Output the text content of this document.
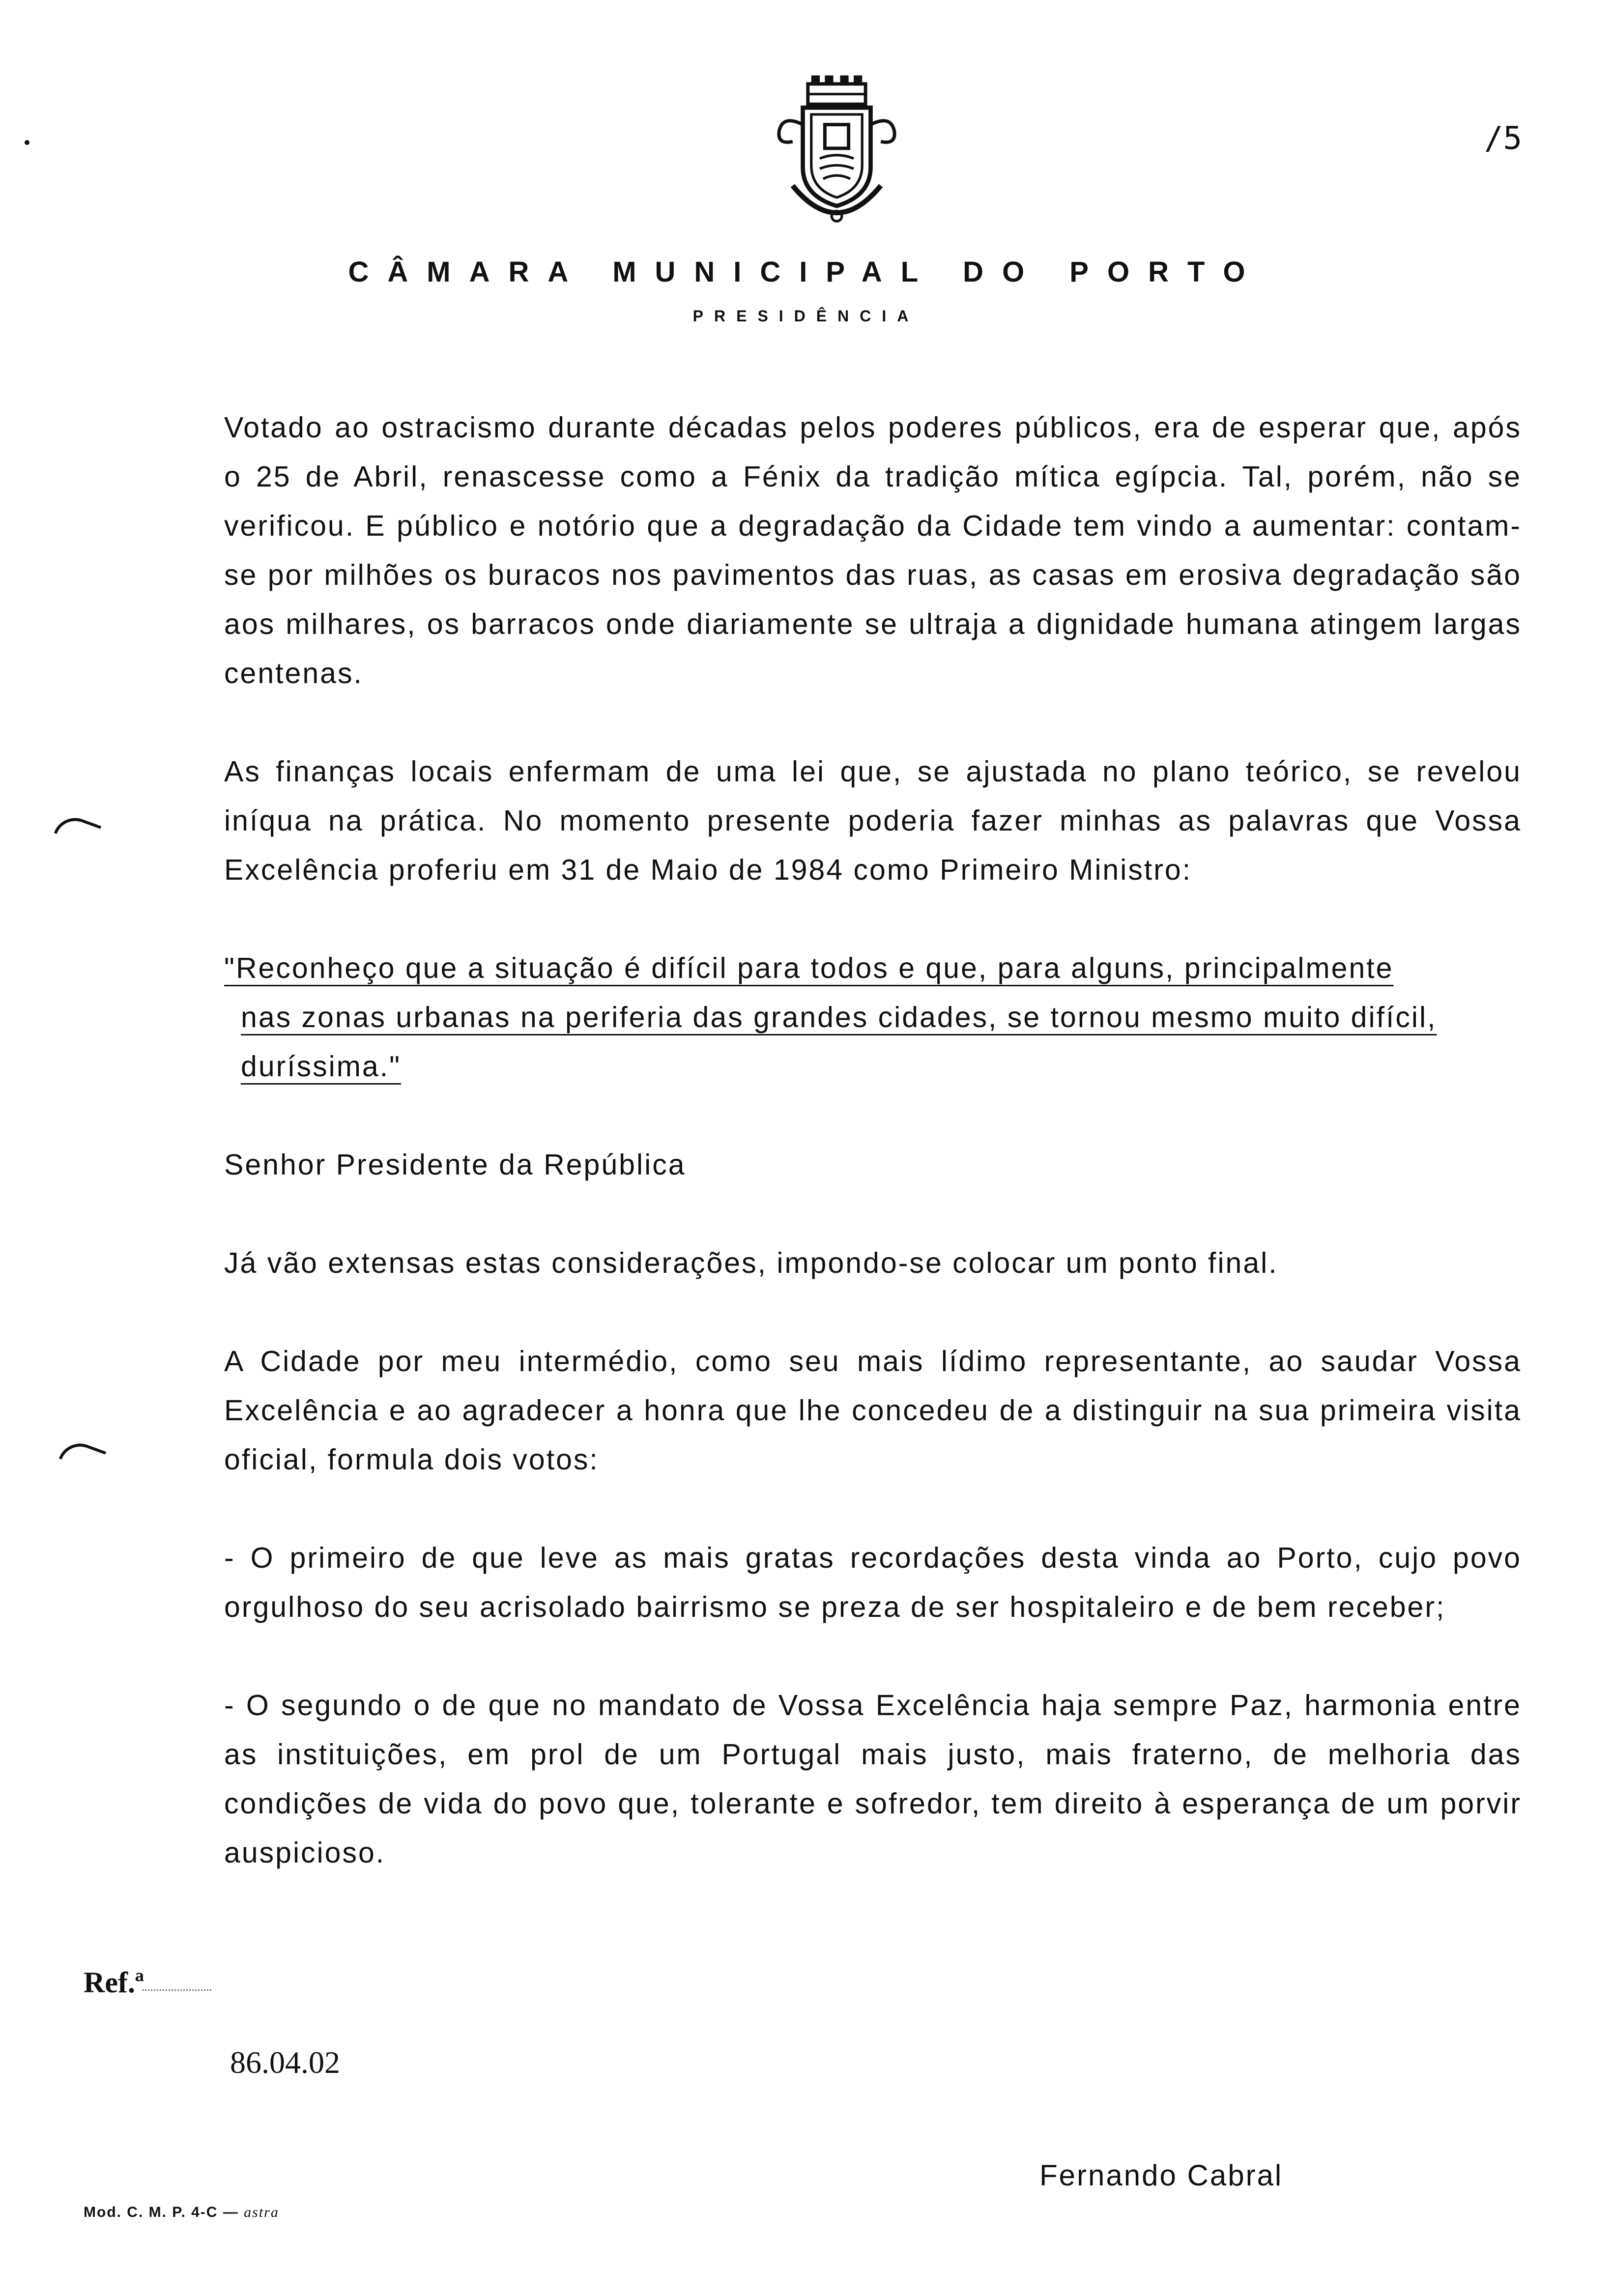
/5
CÂMARA MUNICIPAL DO PORTO
PRESIDÊNCIA

Votado ao ostracismo durante décadas pelos poderes públicos, era de esperar que, após o 25 de Abril, renascesse como a Fénix da tradição mítica egípcia. Tal, porém, não se verificou. E público e notório que a degradação da Cidade tem vindo a aumentar: contam-se por milhões os buracos nos pavimentos das ruas, as casas em erosiva degradação são aos milhares, os barracos onde diariamente se ultraja a dignidade humana atingem largas centenas.

As finanças locais enfermam de uma lei que, se ajustada no plano teórico, se revelou iníqua na prática. No momento presente poderia fazer minhas as palavras que Vossa Excelência proferiu em 31 de Maio de 1984 como Primeiro Ministro:

"Reconheço que a situação é difícil para todos e que, para alguns, principalmente
nas zonas urbanas na periferia das grandes cidades, se tornou mesmo muito difícil,
duríssima."

Senhor Presidente da República

Já vão extensas estas considerações, impondo-se colocar um ponto final.

A Cidade por meu intermédio, como seu mais lídimo representante, ao saudar Vossa Excelência e ao agradecer a honra que lhe concedeu de a distinguir na sua primeira visita oficial, formula dois votos:

- O primeiro de que leve as mais gratas recordações desta vinda ao Porto, cujo povo orgulhoso do seu acrisolado bairrismo se preza de ser hospitaleiro e de bem receber;

- O segundo o de que no mandato de Vossa Excelência haja sempre Paz, harmonia entre as instituições, em prol de um Portugal mais justo, mais fraterno, de melhoria das condições de vida do povo que, tolerante e sofredor, tem direito à esperança de um porvir auspicioso.

Ref.ª
86.04.02
Fernando Cabral
Mod. C. M. P. 4-C — astra
